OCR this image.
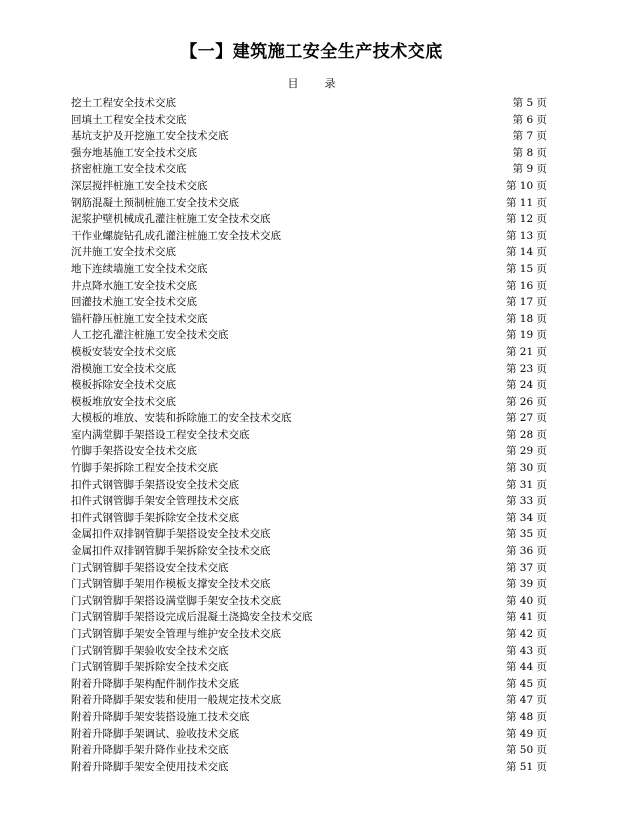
【一】建筑施工安全生产技术交底
目录
挖土工程安全技术交底	第 5 页
回填土工程安全技术交底	第 6 页
基坑支护及开挖施工安全技术交底	第 7 页
强夯地基施工安全技术交底	第 8 页
挤密桩施工安全技术交底	第 9 页
深层搅拌桩施工安全技术交底	第 10 页
钢筋混凝土预制桩施工安全技术交底	第 11 页
泥浆护壁机械成孔灌注桩施工安全技术交底	第 12 页
干作业螺旋钻孔成孔灌注桩施工安全技术交底	第 13 页
沉井施工安全技术交底	第 14 页
地下连续墙施工安全技术交底	第 15 页
井点降水施工安全技术交底	第 16 页
回灌技术施工安全技术交底	第 17 页
锚杆静压桩施工安全技术交底	第 18 页
人工挖孔灌注桩施工安全技术交底	第 19 页
模板安装安全技术交底	第 21 页
滑模施工安全技术交底	第 23 页
模板拆除安全技术交底	第 24 页
模板堆放安全技术交底	第 26 页
大模板的堆放、安装和拆除施工的安全技术交底	第 27 页
室内满堂脚手架搭设工程安全技术交底	第 28 页
竹脚手架搭设安全技术交底	第 29 页
竹脚手架拆除工程安全技术交底	第 30 页
扣件式钢管脚手架搭设安全技术交底	第 31 页
扣件式钢管脚手架安全管理技术交底	第 33 页
扣件式钢管脚手架拆除安全技术交底	第 34 页
金属扣件双排钢管脚手架搭设安全技术交底	第 35 页
金属扣件双排钢管脚手架拆除安全技术交底	第 36 页
门式钢管脚手架搭设安全技术交底	第 37 页
门式钢管脚手架用作模板支撑安全技术交底	第 39 页
门式钢管脚手架搭设满堂脚手架安全技术交底	第 40 页
门式钢管脚手架搭设完成后混凝土浇捣安全技术交底	第 41 页
门式钢管脚手架安全管理与维护安全技术交底	第 42 页
门式钢管脚手架验收安全技术交底	第 43 页
门式钢管脚手架拆除安全技术交底	第 44 页
附着升降脚手架构配件制作技术交底	第 45 页
附着升降脚手架安装和使用一般规定技术交底	第 47 页
附着升降脚手架安装搭设施工技术交底	第 48 页
附着升降脚手架调试、验收技术交底	第 49 页
附着升降脚手架升降作业技术交底	第 50 页
附着升降脚手架安全使用技术交底	第 51 页
